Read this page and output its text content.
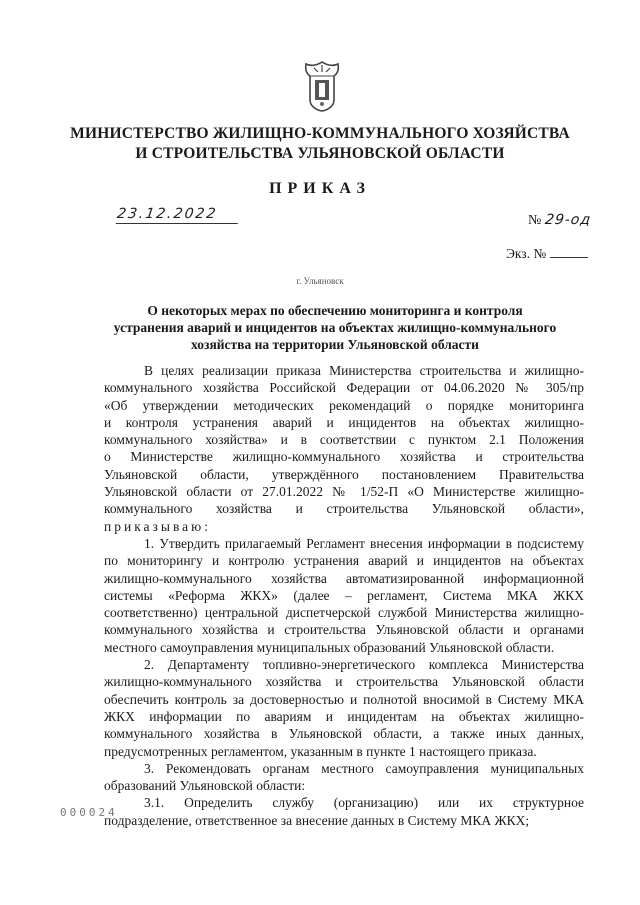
МИНИСТЕРСТВО ЖИЛИЩНО-КОММУНАЛЬНОГО ХОЗЯЙСТВА
И СТРОИТЕЛЬСТВА УЛЬЯНОВСКОЙ ОБЛАСТИ
ПРИКАЗ
23.12.2022	№ 29-од
Экз. №
г. Ульяновск
О некоторых мерах по обеспечению мониторинга и контроля
устранения аварий и инцидентов на объектах жилищно-коммунального
хозяйства на территории Ульяновской области
В целях реализации приказа Министерства строительства и жилищно-
коммунального хозяйства Российской Федерации от 04.06.2020 № 305/пр
«Об утверждении методических рекомендаций о порядке мониторинга
и контроля устранения аварий и инцидентов на объектах жилищно-
коммунального хозяйства» и в соответствии с пунктом 2.1 Положения
о Министерстве жилищно-коммунального хозяйства и строительства
Ульяновской области, утверждённого постановлением Правительства
Ульяновской области от 27.01.2022 № 1/52-П «О Министерстве жилищно-
коммунального хозяйства и строительства Ульяновской области»,
приказываю:
1. Утвердить прилагаемый Регламент внесения информации в подсистему
по мониторингу и контролю устранения аварий и инцидентов на объектах
жилищно-коммунального хозяйства автоматизированной информационной
системы «Реформа ЖКХ» (далее – регламент, Система МКА ЖКХ
соответственно) центральной диспетчерской службой Министерства жилищно-
коммунального хозяйства и строительства Ульяновской области и органами
местного самоуправления муниципальных образований Ульяновской области.
2. Департаменту топливно-энергетического комплекса Министерства
жилищно-коммунального хозяйства и строительства Ульяновской области
обеспечить контроль за достоверностью и полнотой вносимой в Систему МКА
ЖКХ информации по авариям и инцидентам на объектах жилищно-
коммунального хозяйства в Ульяновской области, а также иных данных,
предусмотренных регламентом, указанным в пункте 1 настоящего приказа.
3. Рекомендовать органам местного самоуправления муниципальных
образований Ульяновской области:
3.1. Определить службу (организацию) или их структурное
подразделение, ответственное за внесение данных в Систему МКА ЖКХ;
000024
